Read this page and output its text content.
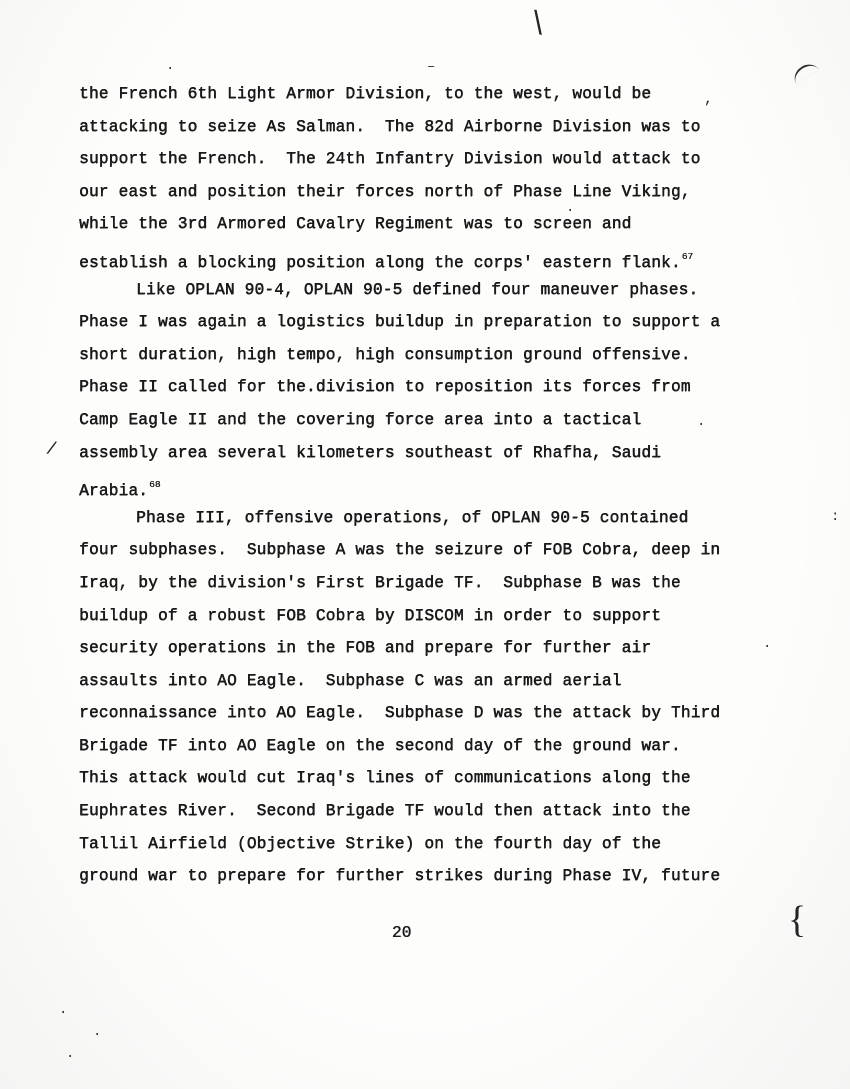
the French 6th Light Armor Division, to the west, would be
attacking to seize As Salman.  The 82d Airborne Division was to
support the French.  The 24th Infantry Division would attack to
our east and position their forces north of Phase Line Viking,
while the 3rd Armored Cavalry Regiment was to screen and
establish a blocking position along the corps' eastern flank.$^{67}$
Like OPLAN 90-4, OPLAN 90-5 defined four maneuver phases.
Phase I was again a logistics buildup in preparation to support a
short duration, high tempo, high consumption ground offensive.
Phase II called for the.division to reposition its forces from
Camp Eagle II and the covering force area into a tactical
assembly area several kilometers southeast of Rhafha, Saudi
Arabia.$^{68}$
Phase III, offensive operations, of OPLAN 90-5 contained
four subphases.  Subphase A was the seizure of FOB Cobra, deep in
Iraq, by the division's First Brigade TF.  Subphase B was the
buildup of a robust FOB Cobra by DISCOM in order to support
security operations in the FOB and prepare for further air
assaults into AO Eagle.  Subphase C was an armed aerial
reconnaissance into AO Eagle.  Subphase D was the attack by Third
Brigade TF into AO Eagle on the second day of the ground war.
This attack would cut Iraq's lines of communications along the
Euphrates River.  Second Brigade TF would then attack into the
Tallil Airfield (Objective Strike) on the fourth day of the
ground war to prepare for further strikes during Phase IV, future
20
\
/
{
,
–
·
·
:
·
·
·
·
·
